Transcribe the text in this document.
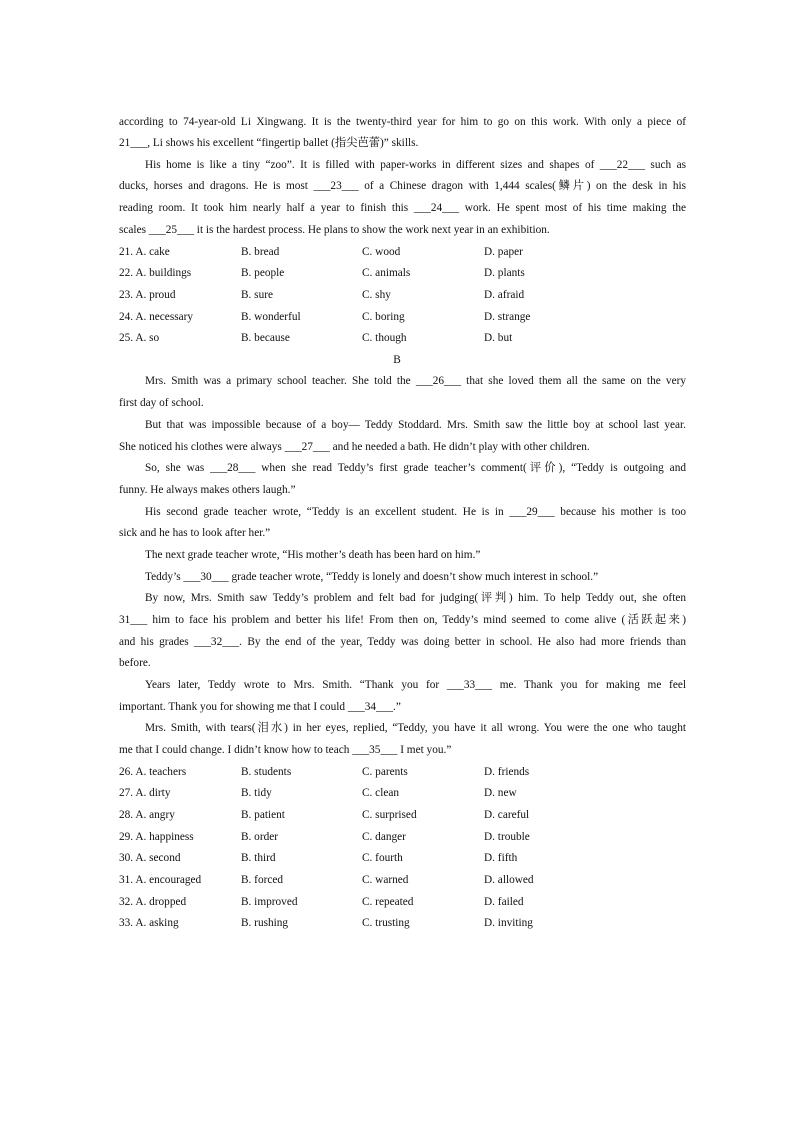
according to 74-year-old Li Xingwang. It is the twenty-third year for him to go on this work. With only a piece of
21___, Li shows his excellent “fingertip ballet (指尖芭蕾)” skills.
His home is like a tiny “zoo”. It is filled with paper-works in different sizes and shapes of ___22___ such as
ducks, horses and dragons. He is most ___23___ of a Chinese dragon with 1,444 scales(鳞片) on the desk in his
reading room. It took him nearly half a year to finish this ___24___ work. He spent most of his time making the
scales ___25___ it is the hardest process. He plans to show the work next year in an exhibition.
21. A. cake	B. bread	C. wood	D. paper
22. A. buildings	B. people	C. animals	D. plants
23. A. proud	B. sure	C. shy	D. afraid
24. A. necessary	B. wonderful	C. boring	D. strange
25. A. so	B. because	C. though	D. but
B
Mrs. Smith was a primary school teacher. She told the ___26___ that she loved them all the same on the very
first day of school.
But that was impossible because of a boy— Teddy Stoddard. Mrs. Smith saw the little boy at school last year.
She noticed his clothes were always ___27___ and he needed a bath. He didn’t play with other children.
So, she was ___28___ when she read Teddy’s first grade teacher’s comment(评价), “Teddy is outgoing and
funny. He always makes others laugh.”
His second grade teacher wrote, “Teddy is an excellent student. He is in ___29___ because his mother is too
sick and he has to look after her.”
The next grade teacher wrote, “His mother’s death has been hard on him.”
Teddy’s ___30___ grade teacher wrote, “Teddy is lonely and doesn’t show much interest in school.”
By now, Mrs. Smith saw Teddy’s problem and felt bad for judging(评判) him. To help Teddy out, she often
31___ him to face his problem and better his life! From then on, Teddy’s mind seemed to come alive (活跃起来)
and his grades ___32___. By the end of the year, Teddy was doing better in school. He also had more friends than
before.
Years later, Teddy wrote to Mrs. Smith. “Thank you for ___33___ me. Thank you for making me feel
important. Thank you for showing me that I could ___34___.”
Mrs. Smith, with tears(泪水) in her eyes, replied, “Teddy, you have it all wrong. You were the one who taught
me that I could change. I didn’t know how to teach ___35___ I met you.”
26. A. teachers	B. students	C. parents	D. friends
27. A. dirty	B. tidy	C. clean	D. new
28. A. angry	B. patient	C. surprised	D. careful
29. A. happiness	B. order	C. danger	D. trouble
30. A. second	B. third	C. fourth	D. fifth
31. A. encouraged	B. forced	C. warned	D. allowed
32. A. dropped	B. improved	C. repeated	D. failed
33. A. asking	B. rushing	C. trusting	D. inviting
